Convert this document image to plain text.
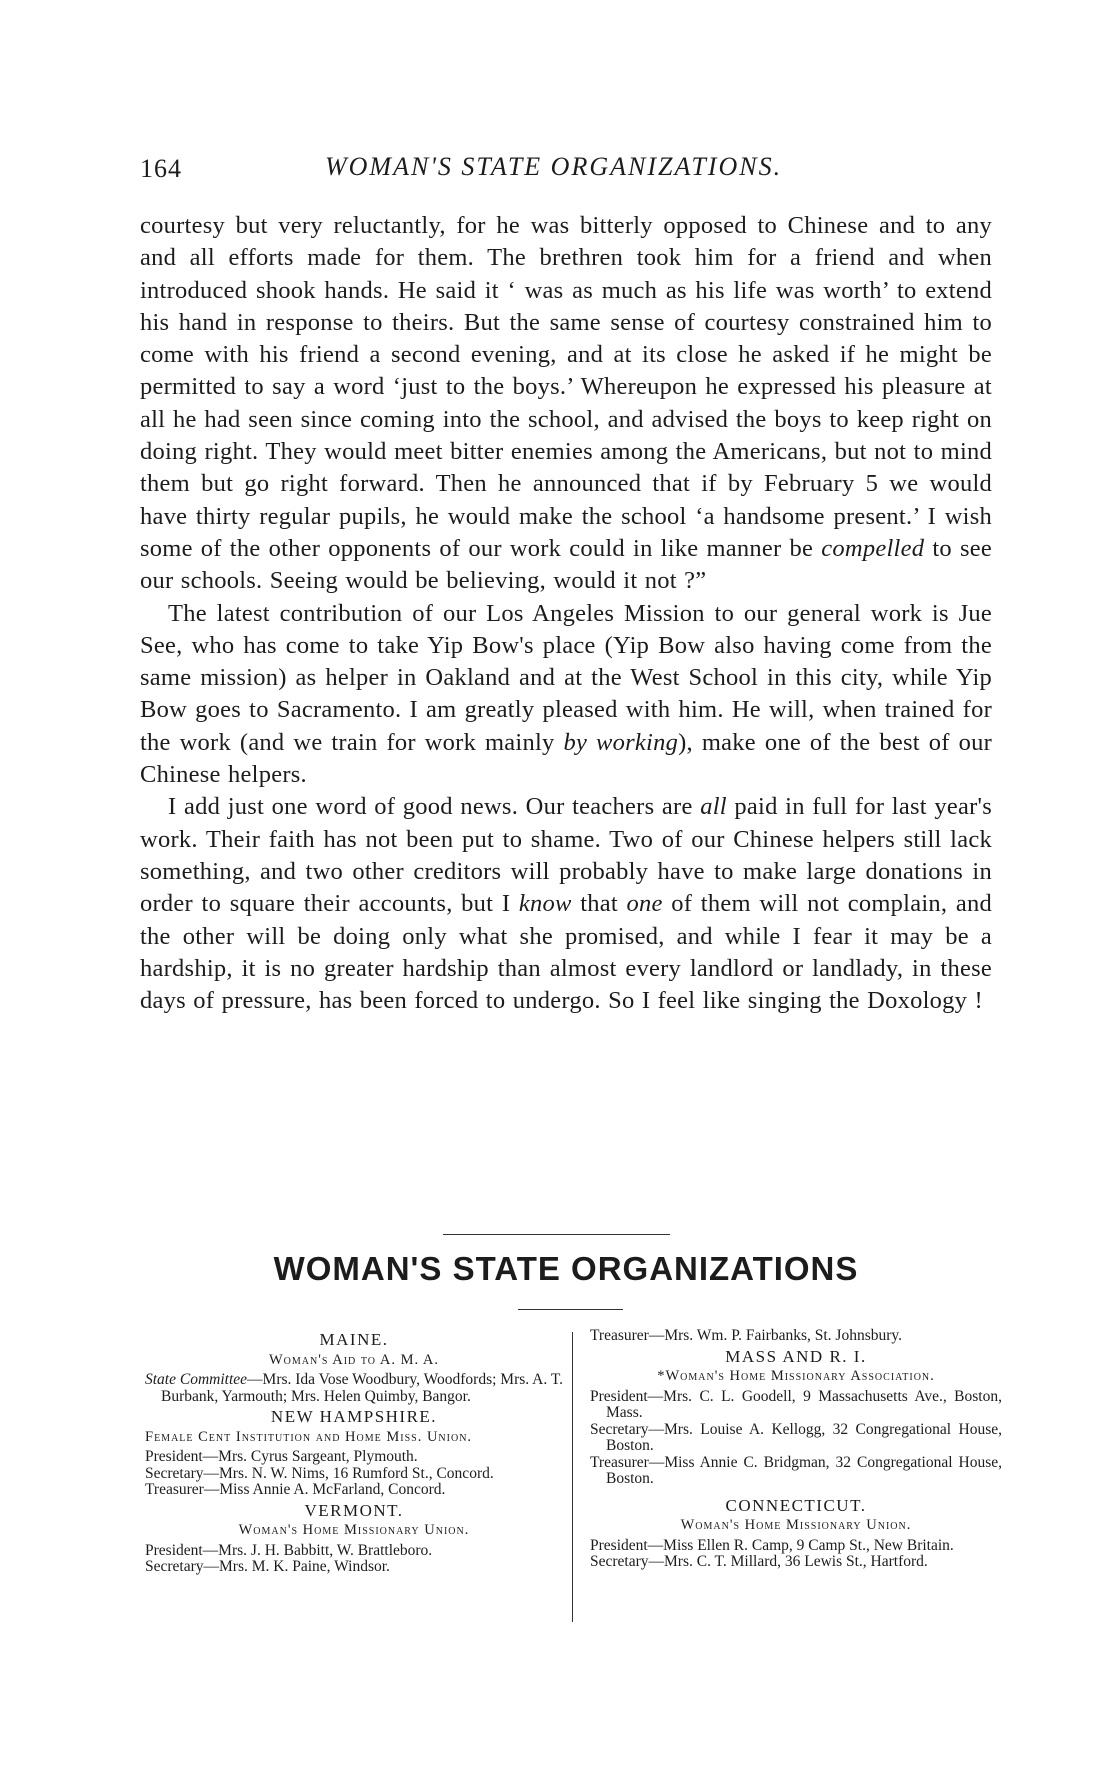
164	WOMAN'S STATE ORGANIZATIONS.

courtesy but very reluctantly, for he was bitterly opposed to Chinese and to any and all efforts made for them. The brethren took him for a friend and when introduced shook hands. He said it ‘ was as much as his life was worth’ to extend his hand in response to theirs. But the same sense of courtesy constrained him to come with his friend a second evening, and at its close he asked if he might be permitted to say a word ‘just to the boys.’ Whereupon he expressed his pleasure at all he had seen since coming into the school, and advised the boys to keep right on doing right. They would meet bitter enemies among the Americans, but not to mind them but go right forward. Then he announced that if by February 5 we would have thirty regular pupils, he would make the school ‘a handsome present.’ I wish some of the other opponents of our work could in like manner be compelled to see our schools. Seeing would be believing, would it not ?”

The latest contribution of our Los Angeles Mission to our general work is Jue See, who has come to take Yip Bow's place (Yip Bow also having come from the same mission) as helper in Oakland and at the West School in this city, while Yip Bow goes to Sacramento. I am greatly pleased with him. He will, when trained for the work (and we train for work mainly by working), make one of the best of our Chinese helpers.

I add just one word of good news. Our teachers are all paid in full for last year's work. Their faith has not been put to shame. Two of our Chinese helpers still lack something, and two other creditors will probably have to make large donations in order to square their accounts, but I know that one of them will not complain, and the other will be doing only what she promised, and while I fear it may be a hardship, it is no greater hardship than almost every landlord or landlady, in these days of pressure, has been forced to undergo. So I feel like singing the Doxology !

WOMAN'S STATE ORGANIZATIONS
MAINE.
Woman's Aid to A. M. A.

State Committee—Mrs. Ida Vose Woodbury, Woodfords; Mrs. A. T. Burbank, Yarmouth; Mrs. Helen Quimby, Bangor.

NEW HAMPSHIRE.
Female Cent Institution and Home Miss. Union.

President—Mrs. Cyrus Sargeant, Plymouth.

Secretary—Mrs. N. W. Nims, 16 Rumford St., Concord.

Treasurer—Miss Annie A. McFarland, Concord.

VERMONT.
Woman's Home Missionary Union.

President—Mrs. J. H. Babbitt, W. Brattleboro.

Secretary—Mrs. M. K. Paine, Windsor.

Treasurer—Mrs. Wm. P. Fairbanks, St. Johnsbury.

MASS AND R. I.
*Woman's Home Missionary Association.

President—Mrs. C. L. Goodell, 9 Massachusetts Ave., Boston, Mass.

Secretary—Mrs. Louise A. Kellogg, 32 Congregational House, Boston.

Treasurer—Miss Annie C. Bridgman, 32 Congregational House, Boston.

CONNECTICUT.
Woman's Home Missionary Union.

President—Miss Ellen R. Camp, 9 Camp St., New Britain.

Secretary—Mrs. C. T. Millard, 36 Lewis St., Hartford.
